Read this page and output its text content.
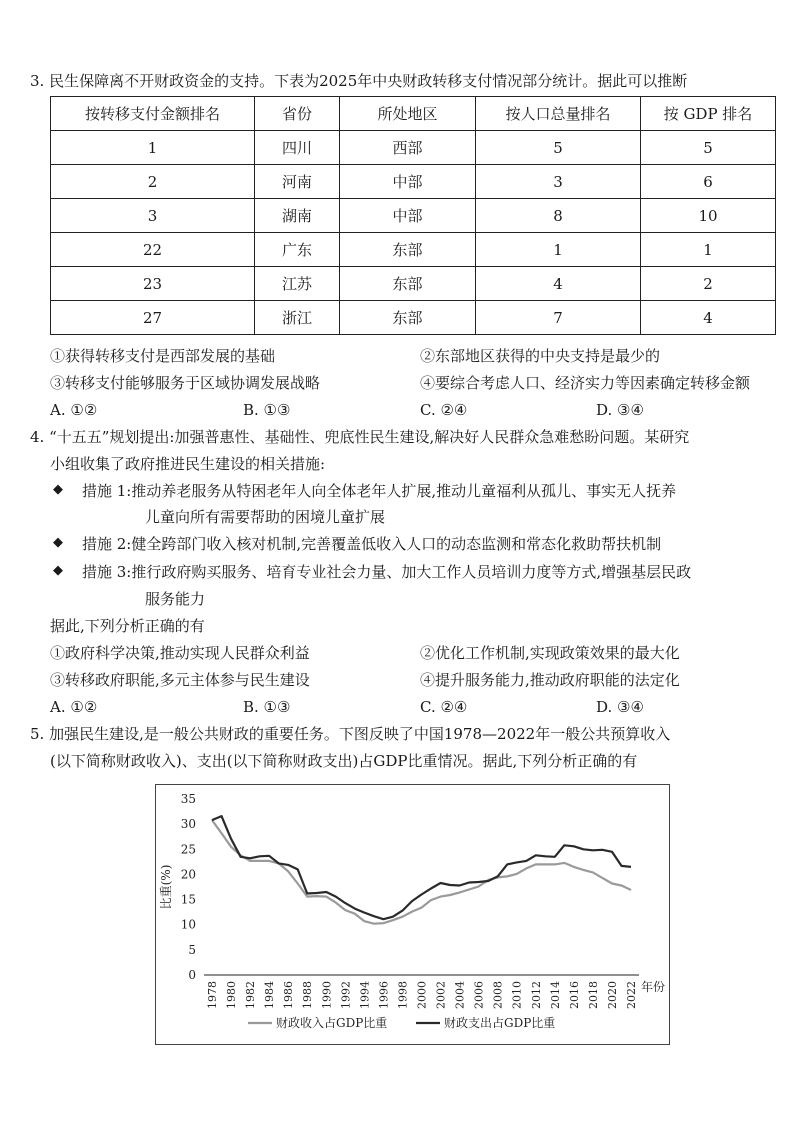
3. 民生保障离不开财政资金的支持。下表为2025年中央财政转移支付情况部分统计。据此可以推断
按转移支付金额排名	省份	所处地区	按人口总量排名	按 GDP 排名
1	四川	西部	5	5
2	河南	中部	3	6
3	湖南	中部	8	10
22	广东	东部	1	1
23	江苏	东部	4	2
27	浙江	东部	7	4
①获得转移支付是西部发展的基础	②东部地区获得的中央支持是最少的
③转移支付能够服务于区域协调发展战略	④要综合考虑人口、经济实力等因素确定转移金额
A. ①②	B. ①③	C. ②④	D. ③④
4. “十五五”规划提出:加强普惠性、基础性、兜底性民生建设,解决好人民群众急难愁盼问题。某研究
小组收集了政府推进民生建设的相关措施:
◆ 措施 1:推动养老服务从特困老年人向全体老年人扩展,推动儿童福利从孤儿、事实无人抚养
儿童向所有需要帮助的困境儿童扩展
◆ 措施 2:健全跨部门收入核对机制,完善覆盖低收入人口的动态监测和常态化救助帮扶机制
◆ 措施 3:推行政府购买服务、培育专业社会力量、加大工作人员培训力度等方式,增强基层民政
服务能力
据此,下列分析正确的有
①政府科学决策,推动实现人民群众利益	②优化工作机制,实现政策效果的最大化
③转移政府职能,多元主体参与民生建设	④提升服务能力,推动政府职能的法定化
A. ①②	B. ①③	C. ②④	D. ③④
5. 加强民生建设,是一般公共财政的重要任务。下图反映了中国1978—2022年一般公共预算收入
(以下简称财政收入)、支出(以下简称财政支出)占GDP比重情况。据此,下列分析正确的有
0
5
10
15
20
25
30
35
比重(%)
1978 1980 1982 1984 1986 1988 1990 1992 1994 1996 1998 2000 2002 2004 2006 2008 2010 2012 2014 2016 2018 2020 2022 年份
财政收入占GDP比重	财政支出占GDP比重
